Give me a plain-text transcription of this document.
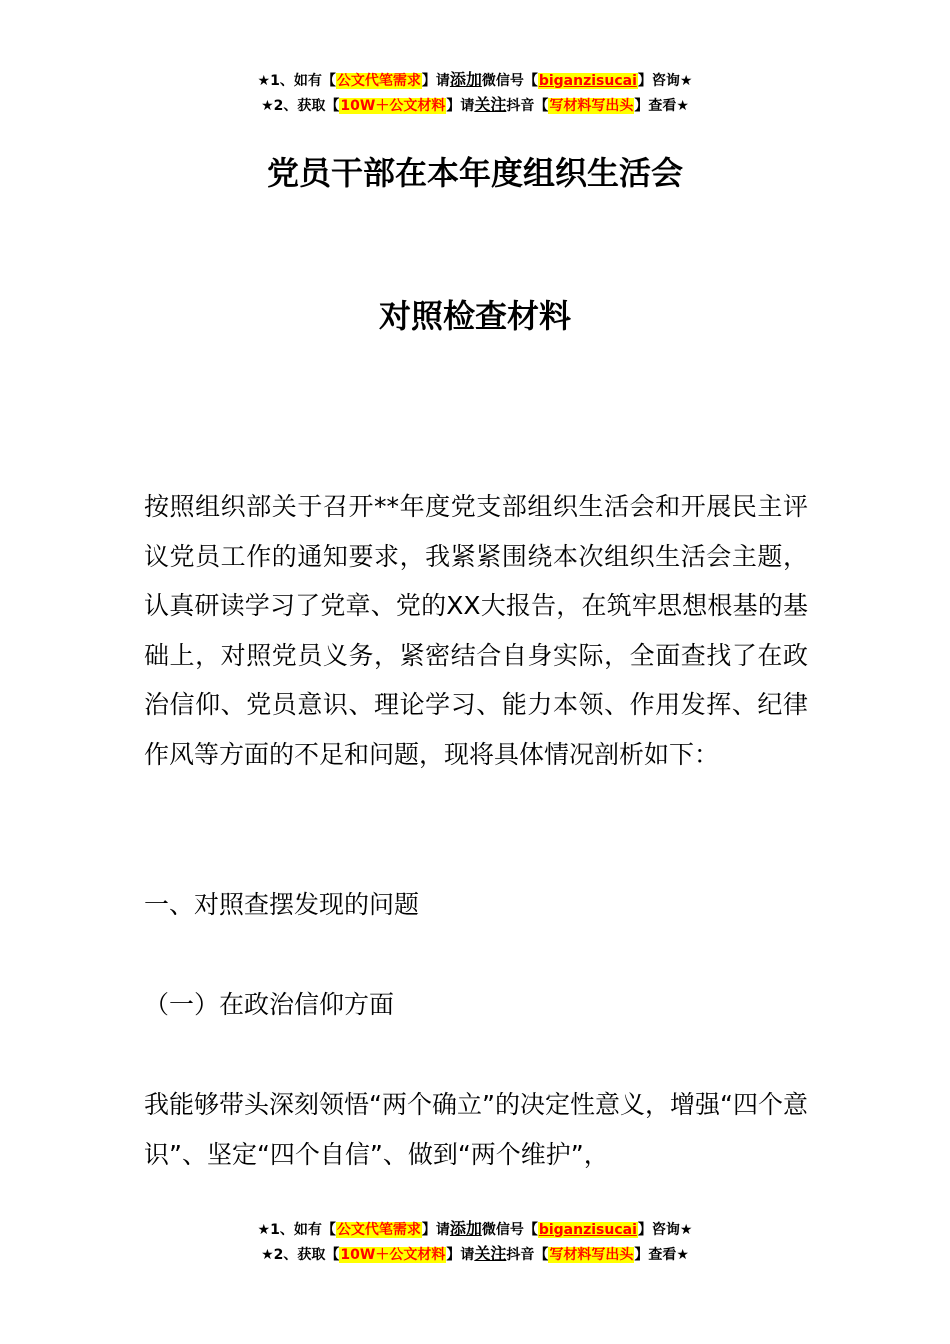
★1、如有【公文代笔需求】请添加微信号【biganzisucai】咨询★
★2、获取【10W＋公文材料】请关注抖音【写材料写出头】查看★
党员干部在本年度组织生活会
对照检查材料
按照组织部关于召开**年度党支部组织生活会和开展民主评议党员工作的通知要求，我紧紧围绕本次组织生活会主题，认真研读学习了党章、党的XX大报告，在筑牢思想根基的基础上，对照党员义务，紧密结合自身实际，全面查找了在政治信仰、党员意识、理论学习、能力本领、作用发挥、纪律作风等方面的不足和问题，现将具体情况剖析如下：
一、对照查摆发现的问题
（一）在政治信仰方面
我能够带头深刻领悟“两个确立”的决定性意义，增强“四个意识”、坚定“四个自信”、做到“两个维护”，
★1、如有【公文代笔需求】请添加微信号【biganzisucai】咨询★
★2、获取【10W＋公文材料】请关注抖音【写材料写出头】查看★
